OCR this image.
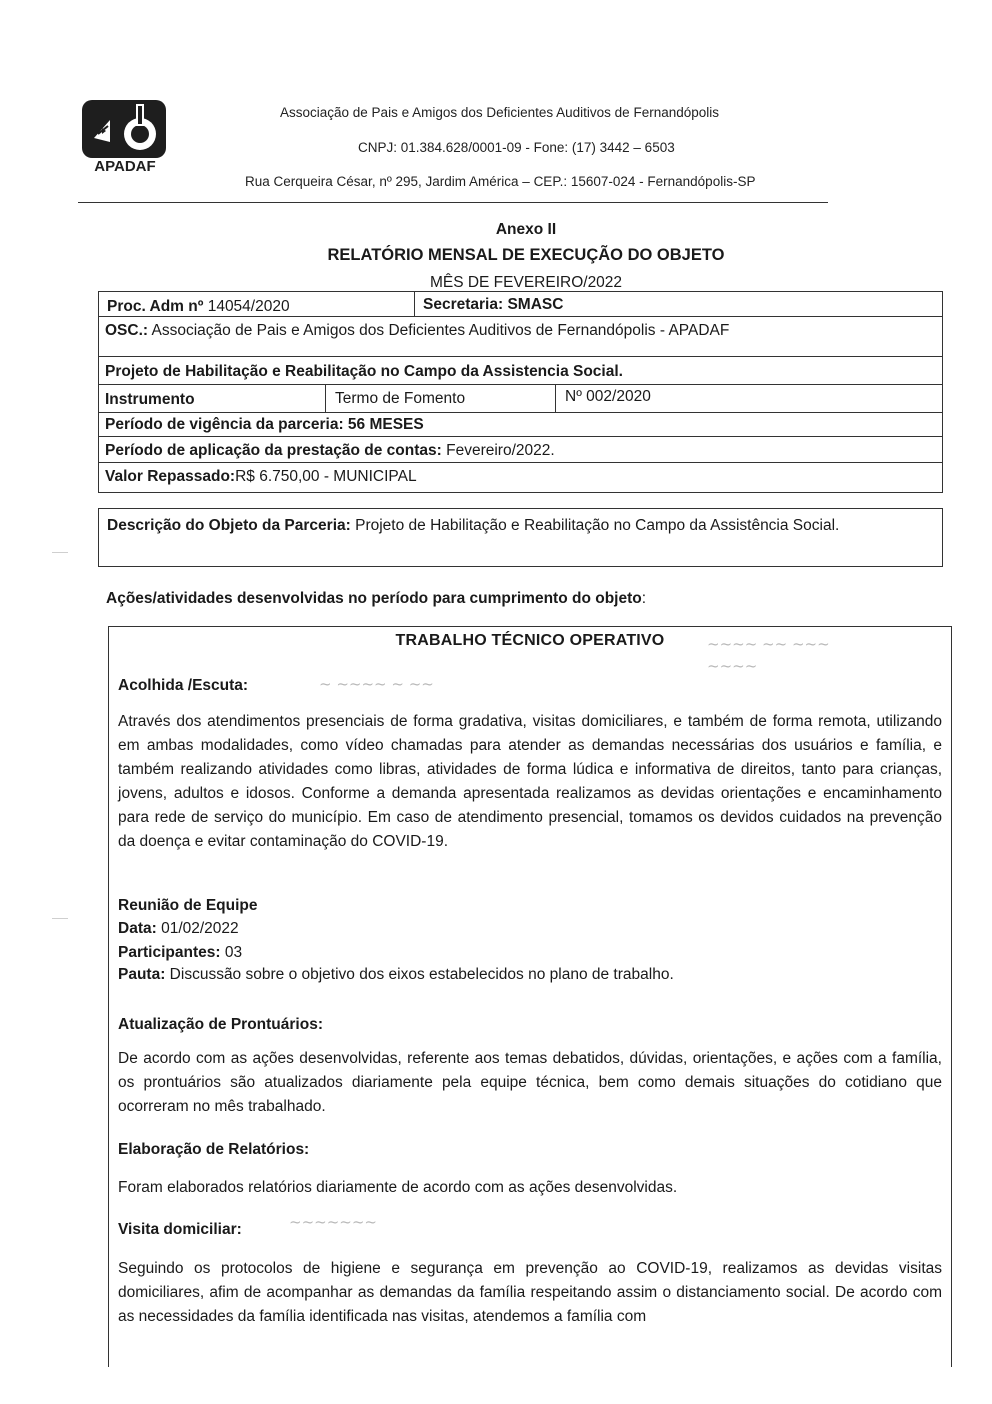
APADAF
Associação de Pais e Amigos dos Deficientes Auditivos de Fernandópolis
CNPJ: 01.384.628/0001-09 - Fone: (17) 3442 – 6503
Rua Cerqueira César, nº 295, Jardim América – CEP.: 15607-024 - Fernandópolis-SP
Anexo II
RELATÓRIO MENSAL DE EXECUÇÃO DO OBJETO
MÊS DE FEVEREIRO/2022
Proc. Adm nº 14054/2020	Secretaria: SMASC
OSC.: Associação de Pais e Amigos dos Deficientes Auditivos de Fernandópolis - APADAF
Projeto de Habilitação e Reabilitação no Campo da Assistencia Social.
Instrumento	Termo de Fomento	Nº 002/2020
Período de vigência da parceria: 56 MESES
Período de aplicação da prestação de contas: Fevereiro/2022.
Valor Repassado:R$ 6.750,00 - MUNICIPAL
Descrição do Objeto da Parceria: Projeto de Habilitação e Reabilitação no Campo da Assistência Social.
Ações/atividades desenvolvidas no período para cumprimento do objeto:
TRABALHO TÉCNICO OPERATIVO	~~~~ ~~ ~~~
~~~~
~ ~~~~ ~ ~~
Acolhida /Escuta:
Através dos atendimentos presenciais de forma gradativa, visitas domiciliares, e também de forma remota, utilizando em ambas modalidades, como vídeo chamadas para atender as demandas necessárias dos usuários e família, e também realizando atividades como libras, atividades de forma lúdica e informativa de direitos, tanto para crianças, jovens, adultos e idosos. Conforme a demanda apresentada realizamos as devidas orientações e encaminhamento para rede de serviço do município. Em caso de atendimento presencial, tomamos os devidos cuidados na prevenção da doença e evitar contaminação do COVID-19.
Reunião de Equipe
Data: 01/02/2022
Participantes: 03
Pauta: Discussão sobre o objetivo dos eixos estabelecidos no plano de trabalho.
Atualização de Prontuários:
De acordo com as ações desenvolvidas, referente aos temas debatidos, dúvidas, orientações, e ações com a família, os prontuários são atualizados diariamente pela equipe técnica, bem como demais situações do cotidiano que ocorreram no mês trabalhado.
Elaboração de Relatórios:
Foram elaborados relatórios diariamente de acordo com as ações desenvolvidas.
Visita domiciliar:	~~~~~~~
Seguindo os protocolos de higiene e segurança em prevenção ao COVID-19, realizamos as devidas visitas domiciliares, afim de acompanhar as demandas da família respeitando assim o distanciamento social. De acordo com as necessidades da família identificada nas visitas, atendemos a família com
